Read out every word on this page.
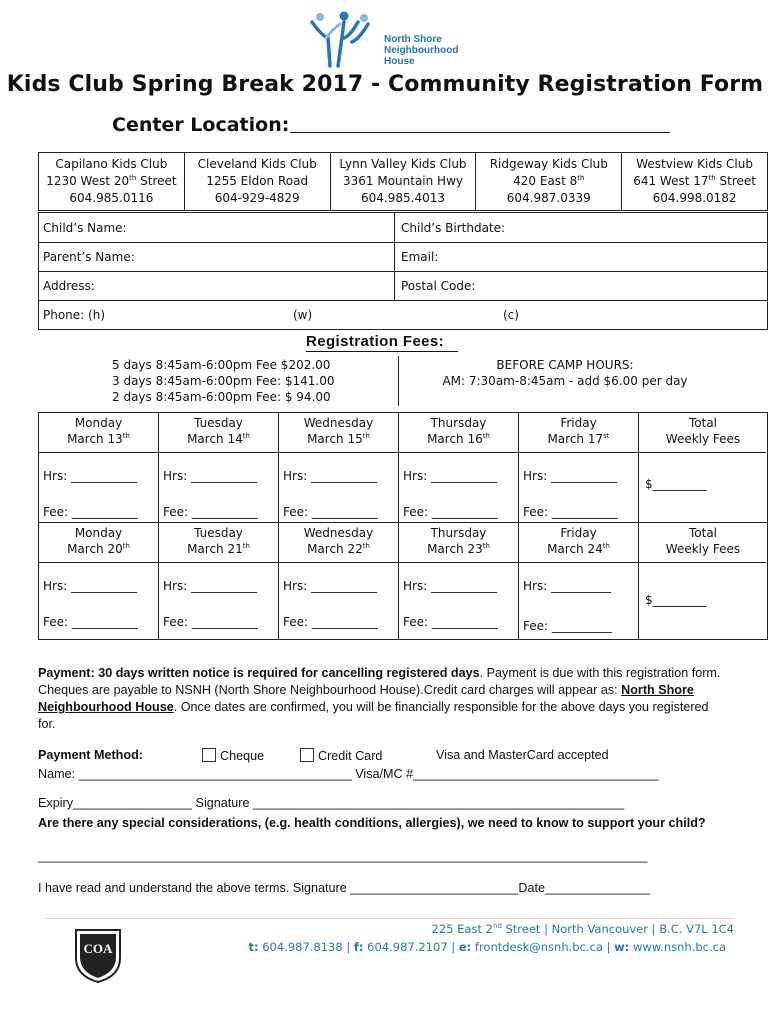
North Shore
Neighbourhood
House
Kids Club Spring Break 2017 - Community Registration Form
Center Location:
Capilano Kids Club
1230 West 20th Street
604.985.0116
Cleveland Kids Club
1255 Eldon Road
604-929-4829
Lynn Valley Kids Club
3361 Mountain Hwy
604.985.4013
Ridgeway Kids Club
420 East 8th
604.987.0339
Westview Kids Club
641 West 17th Street
604.998.0182
Child’s Name:	Child’s Birthdate:
Parent’s Name:	Email:
Address:	Postal Code:
Phone: (h)	(w)	(c)
Registration Fees:
5 days 8:45am-6:00pm Fee $202.00
3 days 8:45am-6:00pm Fee: $141.00
2 days 8:45am-6:00pm Fee: $ 94.00
BEFORE CAMP HOURS:
AM: 7:30am-8:45am - add $6.00 per day
Monday
March 13th
Hrs: ___________
Fee: ___________
Tuesday
March 14th
Hrs: ___________
Fee: ___________
Wednesday
March 15th
Hrs: ___________
Fee: ___________
Thursday
March 16th
Hrs: ___________
Fee: ___________
Friday
March 17st
Hrs: ___________
Fee: ___________
Total
Weekly Fees
$_________
Monday
March 20th
Hrs: ___________
Fee: ___________
Tuesday
March 21th
Hrs: ___________
Fee: ___________
Wednesday
March 22th
Hrs: ___________
Fee: ___________
Thursday
March 23th
Hrs: ___________
Fee: ___________
Friday
March 24th
Hrs: __________
Fee: __________
Total
Weekly Fees
$_________
Payment: 30 days written notice is required for cancelling registered days. Payment is due with this registration form. Cheques are payable to NSNH (North Shore Neighbourhood House).Credit card charges will appear as: North Shore Neighbourhood House. Once dates are confirmed, you will be financially responsible for the above days you registered for.
Payment Method:	Cheque	Credit Card	Visa and MasterCard accepted
Name: _______________________________________ Visa/MC #___________________________________
Expiry_________________ Signature _____________________________________________________
Are there any special considerations, (e.g. health conditions, allergies), we need to know to support your child?
_______________________________________________________________________________________
I have read and understand the above terms. Signature ________________________Date_______________
COA
225 East 2nd Street | North Vancouver | B.C. V7L 1C4
t: 604.987.8138 | f: 604.987.2107 | e: frontdesk@nsnh.bc.ca | w: www.nsnh.bc.ca
